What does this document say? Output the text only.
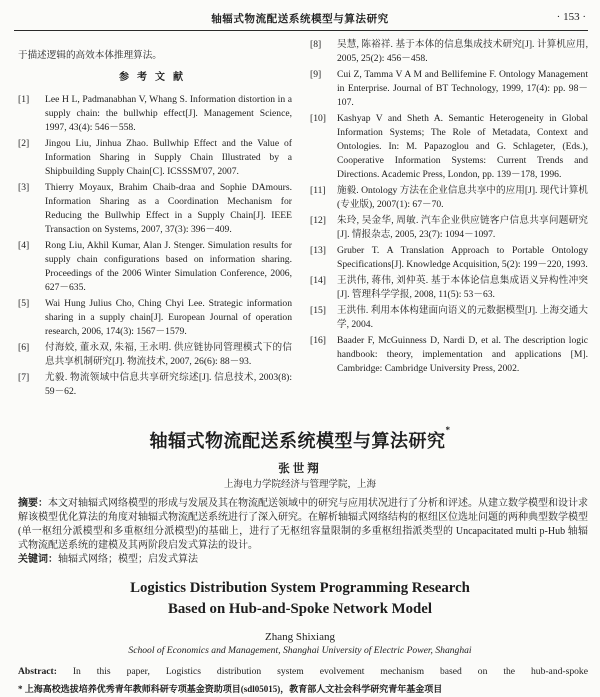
轴辐式物流配送系统模型与算法研究	· 153 ·

于描述逻辑的高效本体推理算法。

参考文献
[1] Lee H L, Padmanabhan V, Whang S. Information distortion in a supply chain: the bullwhip effect[J]. Management Science, 1997, 43(4): 546－558.
[2] Jingou Liu, Jinhua Zhao. Bullwhip Effect and the Value of Information Sharing in Supply Chain Illustrated by a Shipbuilding Supply Chain[C]. ICSSSM'07, 2007.
[3] Thierry Moyaux, Brahim Chaib-draa and Sophie DAmours. Information Sharing as a Coordination Mechanism for Reducing the Bullwhip Effect in a Supply Chain[J]. IEEE Transaction on Systems, 2007, 37(3): 396－409.
[4] Rong Liu, Akhil Kumar, Alan J. Stenger. Simulation results for supply chain configurations based on information sharing. Proceedings of the 2006 Winter Simulation Conference, 2006, 627－635.
[5] Wai Hung Julius Cho, Ching Chyi Lee. Strategic information sharing in a supply chain[J]. European Journal of operation research, 2006, 174(3): 1567－1579.
[6] 付海姣, 董永双, 朱福, 王永明. 供应链协同管理模式下的信息共享机制研究[J]. 物流技术, 2007, 26(6): 88－93.
[7] 尤毅. 物流领域中信息共享研究综述[J]. 信息技术, 2003(8): 59－62.
[8] 吴慧, 陈裕祥. 基于本体的信息集成技术研究[J]. 计算机应用, 2005, 25(2): 456－458.
[9] Cui Z, Tamma V A M and Bellifemine F. Ontology Management in Enterprise. Journal of BT Technology, 1999, 17(4): pp. 98－107.
[10] Kashyap V and Sheth A. Semantic Heterogeneity in Global Information Systems; The Role of Metadata, Context and Ontologies. In: M. Papazoglou and G. Schlageter, (Eds.), Cooperative Information Systems: Current Trends and Directions. Academic Press, London, pp. 139－178, 1996.
[11] 施毅. Ontology 方法在企业信息共享中的应用[J]. 现代计算机(专业版), 2007(1): 67－70.
[12] 朱玲, 吴金华, 周敏. 汽车企业供应链客户信息共享问题研究[J]. 情报杂志, 2005, 23(7): 1094－1097.
[13] Gruber T. A Translation Approach to Portable Ontology Specifications[J]. Knowledge Acquisition, 5(2): 199－220, 1993.
[14] 王洪伟, 蒋伟, 刘仲英. 基于本体论信息集成语义异构性冲突[J]. 管理科学学报, 2008, 11(5): 53－63.
[15] 王洪伟. 利用本体构建面向语义的元数据模型[J]. 上海交通大学, 2004.
[16] Baader F, McGuinness D, Nardi D, et al. The description logic handbook: theory, implementation and applications [M]. Cambridge: Cambridge University Press, 2002.
轴辐式物流配送系统模型与算法研究*
张世翔
上海电力学院经济与管理学院，上海

摘要：本文对轴辐式网络模型的形成与发展及其在物流配送领域中的研究与应用状况进行了分析和评述。从建立数学模型和设计求解该模型优化算法的角度对轴辐式物流配送系统进行了深入研究。在解析轴辐式网络结构的枢纽区位选址问题的两种典型数学模型(单一枢纽分派模型和多重枢纽分派模型)的基础上，进行了无枢纽容量限制的多重枢纽指派类型的 Uncapacitated multi p-Hub 轴辐式物流配送系统的建模及其两阶段启发式算法的设计。

关键词：轴辐式网络；模型；启发式算法

Logistics Distribution System Programming Research
Based on Hub-and-Spoke Network Model
Zhang Shixiang
School of Economics and Management, Shanghai University of Electric Power, Shanghai
Abstract: In this paper, Logistics distribution system evolvement mechanism based on the hub-and-spoke
* 上海高校选拔培养优秀青年教师科研专项基金资助项目(sdl05015)，教育部人文社会科学研究青年基金项目
